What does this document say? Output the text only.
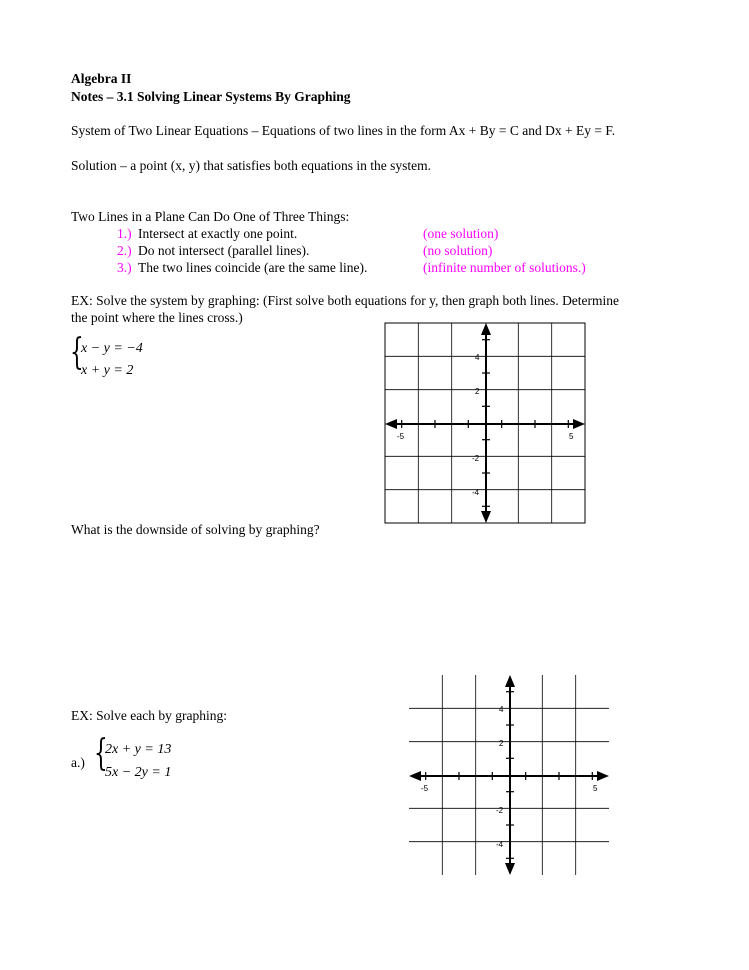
Algebra II
Notes – 3.1 Solving Linear Systems By Graphing
System of Two Linear Equations – Equations of two lines in the form Ax + By = C and Dx + Ey = F.
Solution – a point (x, y) that satisfies both equations in the system.
Two Lines in a Plane Can Do One of Three Things:
1.) Intersect at exactly one point.	(one solution)
2.) Do not intersect (parallel lines).	(no solution)
3.) The two lines coincide (are the same line).	(infinite number of solutions.)
EX: Solve the system by graphing: (First solve both equations for y, then graph both lines. Determine
the point where the lines cross.)
{
x − y = −4
x + y = 2
-5	5
4
2
-2
-4
What is the downside of solving by graphing?
EX: Solve each by graphing:
a.) {
2x + y = 13
5x − 2y = 1
-5	5
4
2
-2
-4
